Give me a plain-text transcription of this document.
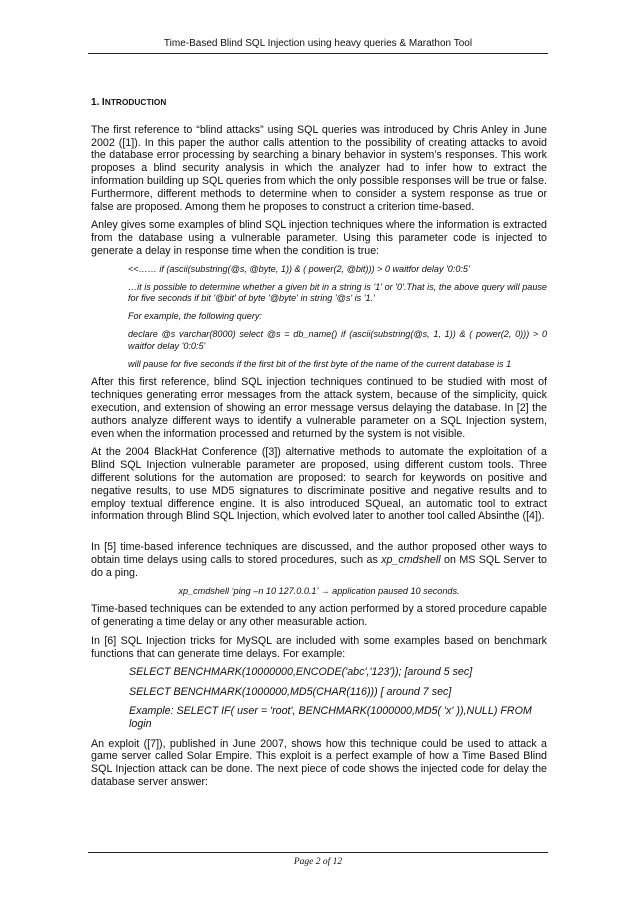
Time-Based Blind SQL Injection using heavy queries & Marathon Tool
1. INTRODUCTION

The first reference to “blind attacks” using SQL queries was introduced by Chris Anley in June 2002 ([1]). In this paper the author calls attention to the possibility of creating attacks to avoid the database error processing by searching a binary behavior in system’s responses. This work proposes a blind security analysis in which the analyzer had to infer how to extract the information building up SQL queries from which the only possible responses will be true or false. Furthermore, different methods to determine when to consider a system response as true or false are proposed. Among them he proposes to construct a criterion time-based.

Anley gives some examples of blind SQL injection techniques where the information is extracted from the database using a vulnerable parameter. Using this parameter code is injected to generate a delay in response time when the condition is true:

<<…… if (ascii(substring(@s, @byte, 1)) & ( power(2, @bit))) > 0 waitfor delay '0:0:5'
…it is possible to determine whether a given bit in a string is '1' or '0'.That is, the above query will pause for five seconds if bit '@bit' of byte '@byte' in string '@s' is '1.'
For example, the following query:
declare @s varchar(8000) select @s = db_name() if (ascii(substring(@s, 1, 1)) & ( power(2, 0))) > 0 waitfor delay '0:0:5'
will pause for five seconds if the first bit of the first byte of the name of the current database is 1

After this first reference, blind SQL injection techniques continued to be studied with most of techniques generating error messages from the attack system, because of the simplicity, quick execution, and extension of showing an error message versus delaying the database. In [2] the authors analyze different ways to identify a vulnerable parameter on a SQL Injection system, even when the information processed and returned by the system is not visible.

At the 2004 BlackHat Conference ([3]) alternative methods to automate the exploitation of a Blind SQL Injection vulnerable parameter are proposed, using different custom tools. Three different solutions for the automation are proposed: to search for keywords on positive and negative results, to use MD5 signatures to discriminate positive and negative results and to employ textual difference engine. It is also introduced SQueal, an automatic tool to extract information through Blind SQL Injection, which evolved later to another tool called Absinthe ([4]).

In [5] time-based inference techniques are discussed, and the author proposed other ways to obtain time delays using calls to stored procedures, such as xp_cmdshell on MS SQL Server to do a ping.

xp_cmdshell ‘ping –n 10 127.0.0.1’ → application paused 10 seconds.

Time-based techniques can be extended to any action performed by a stored procedure capable of generating a time delay or any other measurable action.

In [6] SQL Injection tricks for MySQL are included with some examples based on benchmark functions that can generate time delays. For example:

SELECT BENCHMARK(10000000,ENCODE('abc','123')); [around 5 sec]
SELECT BENCHMARK(1000000,MD5(CHAR(116))) [ around 7 sec]
Example: SELECT IF( user = 'root', BENCHMARK(1000000,MD5( 'x' )),NULL) FROM login

An exploit ([7]), published in June 2007, shows how this technique could be used to attack a game server called Solar Empire. This exploit is a perfect example of how a Time Based Blind SQL Injection attack can be done. The next piece of code shows the injected code for delay the database server answer:

Page 2 of 12
